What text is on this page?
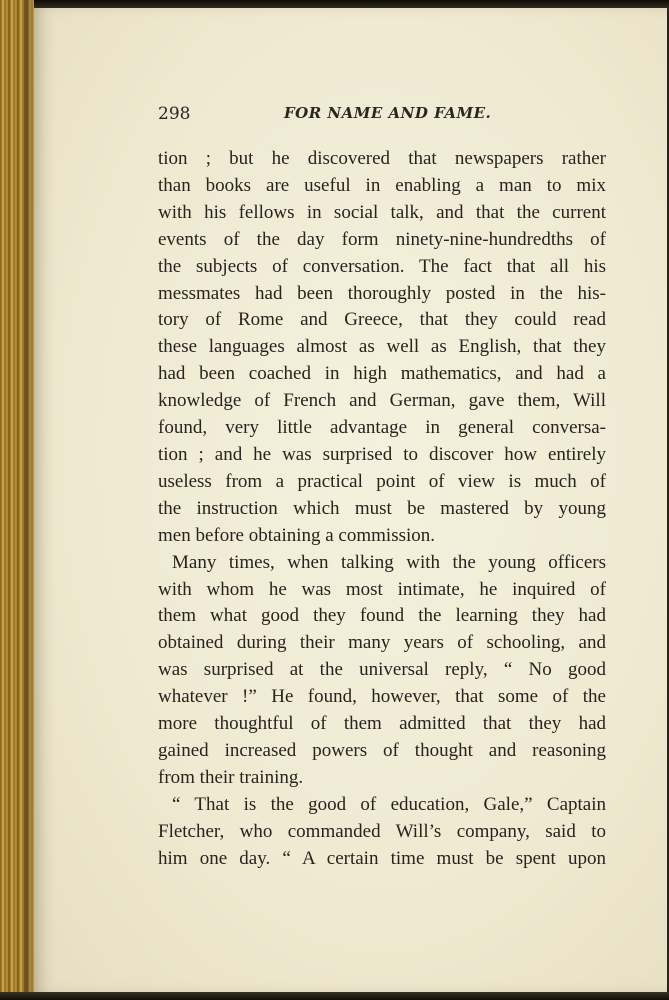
298	FOR NAME AND FAME.
tion ; but he discovered that newspapers rather
than books are useful in enabling a man to mix
with his fellows in social talk, and that the current
events of the day form ninety-nine-hundredths of
the subjects of conversation. The fact that all his
messmates had been thoroughly posted in the his-
tory of Rome and Greece, that they could read
these languages almost as well as English, that they
had been coached in high mathematics, and had a
knowledge of French and German, gave them, Will
found, very little advantage in general conversa-
tion ; and he was surprised to discover how entirely
useless from a practical point of view is much of
the instruction which must be mastered by young
men before obtaining a commission.
Many times, when talking with the young officers
with whom he was most intimate, he inquired of
them what good they found the learning they had
obtained during their many years of schooling, and
was surprised at the universal reply, “ No good
whatever !” He found, however, that some of the
more thoughtful of them admitted that they had
gained increased powers of thought and reasoning
from their training.
“ That is the good of education, Gale,” Captain
Fletcher, who commanded Will’s company, said to
him one day. “ A certain time must be spent upon
